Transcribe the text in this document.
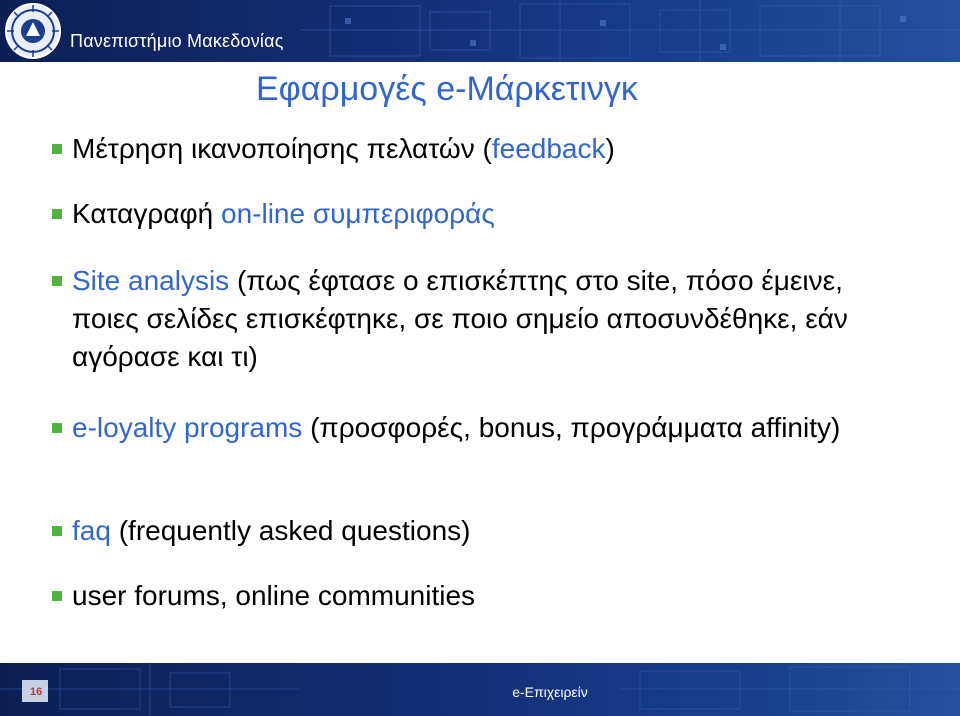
Πανεπιστήμιο Μακεδονίας
Εφαρμογές e-Μάρκετινγκ
Μέτρηση ικανοποίησης πελατών (feedback)
Καταγραφή on-line συμπεριφοράς
Site analysis (πως έφτασε ο επισκέπτης στο site, πόσο έμεινε, ποιες σελίδες επισκέφτηκε, σε ποιο σημείο αποσυνδέθηκε, εάν αγόρασε και τι)
e-loyalty programs (προσφορές, bonus, προγράμματα affinity)
faq (frequently asked questions)
user forums, online communities
16	e-Επιχειρείν
